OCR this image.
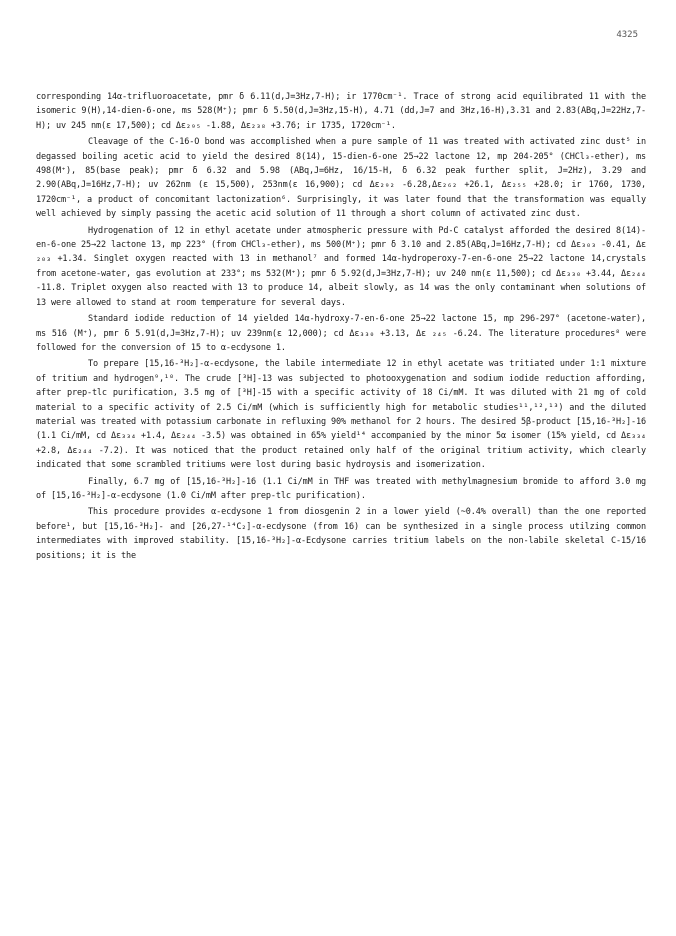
4325

corresponding 14α-trifluoroacetate, pmr δ 6.11(d,J=3Hz,7-H); ir 1770cm⁻¹. Trace of strong acid equilibrated 11 with the isomeric 9(H),14-dien-6-one, ms 528(M⁺); pmr δ 5.50(d,J=3Hz,15-H), 4.71 (dd,J=7 and 3Hz,16-H),3.31 and 2.83(ABq,J=22Hz,7-H); uv 245 nm(ε 17,500); cd Δε₂₉₅ -1.88, Δε₂₃₈ +3.76; ir 1735, 1720cm⁻¹.

Cleavage of the C-16-O bond was accomplished when a pure sample of 11 was treated with activated zinc dust⁵ in degassed boiling acetic acid to yield the desired 8(14), 15-dien-6-one 25→22 lactone 12, mp 204-205° (CHCl₃-ether), ms 498(M⁺), 85(base peak); pmr δ 6.32 and 5.98 (ABq,J=6Hz, 16/15-H, δ 6.32 peak further split, J=2Hz), 3.29 and 2.90(ABq,J=16Hz,7-H); uv 262nm (ε 15,500), 253nm(ε 16,900); cd Δε₂₉₂ -6.28,Δε₂₆₂ +26.1, Δε₂₅₅ +28.0; ir 1760, 1730, 1720cm⁻¹, a product of concomitant lactonization⁶. Surprisingly, it was later found that the transformation was equally well achieved by simply passing the acetic acid solution of 11 through a short column of activated zinc dust.

Hydrogenation of 12 in ethyl acetate under atmospheric pressure with Pd-C catalyst afforded the desired 8(14)-en-6-one 25→22 lactone 13, mp 223° (from CHCl₃-ether), ms 500(M⁺); pmr δ 3.10 and 2.85(ABq,J=16Hz,7-H); cd Δε₃₀₃ -0.41, Δε ₂₀₃ +1.34. Singlet oxygen reacted with 13 in methanol⁷ and formed 14α-hydroperoxy-7-en-6-one 25→22 lactone 14,crystals from acetone-water, gas evolution at 233°; ms 532(M⁺); pmr δ 5.92(d,J=3Hz,7-H); uv 240 nm(ε 11,500); cd Δε₃₃₀ +3.44, Δε₂₄₄ -11.8. Triplet oxygen also reacted with 13 to produce 14, albeit slowly, as 14 was the only contaminant when solutions of 13 were allowed to stand at room temperature for several days.

Standard iodide reduction of 14 yielded 14α-hydroxy-7-en-6-one 25→22 lactone 15, mp 296-297° (acetone-water), ms 516 (M⁺), pmr δ 5.91(d,J=3Hz,7-H); uv 239nm(ε 12,000); cd Δε₃₃₀ +3.13, Δε ₂₄₅ -6.24. The literature procedures⁸ were followed for the conversion of 15 to α-ecdysone 1.

To prepare [15,16-³H₂]-α-ecdysone, the labile intermediate 12 in ethyl acetate was tritiated under 1:1 mixture of tritium and hydrogen⁹,¹⁰. The crude [³H]-13 was subjected to photooxygenation and sodium iodide reduction affording, after prep-tlc purification, 3.5 mg of [³H]-15 with a specific activity of 18 Ci/mM. It was diluted with 21 mg of cold material to a specific activity of 2.5 Ci/mM (which is sufficiently high for metabolic studies¹¹,¹²,¹³) and the diluted material was treated with potassium carbonate in refluxing 90% methanol for 2 hours. The desired 5β-product [15,16-³H₂]-16 (1.1 Ci/mM, cd Δε₃₃₄ +1.4, Δε₂₄₄ -3.5) was obtained in 65% yield¹⁴ accompanied by the minor 5α isomer (15% yield, cd Δε₃₃₄ +2.8, Δε₂₄₄ -7.2). It was noticed that the product retained only half of the original tritium activity, which clearly indicated that some scrambled tritiums were lost during basic hydroysis and isomerization.

Finally, 6.7 mg of [15,16-³H₂]-16 (1.1 Ci/mM in THF was treated with methylmagnesium bromide to afford 3.0 mg of [15,16-³H₂]-α-ecdysone (1.0 Ci/mM after prep-tlc purification).

This procedure provides α-ecdysone 1 from diosgenin 2 in a lower yield (~0.4% overall) than the one reported before¹, but [15,16-³H₂]- and [26,27-¹⁴C₂]-α-ecdysone (from 16) can be synthesized in a single process utilzing common intermediates with improved stability. [15,16-³H₂]-α-Ecdysone carries tritium labels on the non-labile skeletal C-15/16 positions; it is the
